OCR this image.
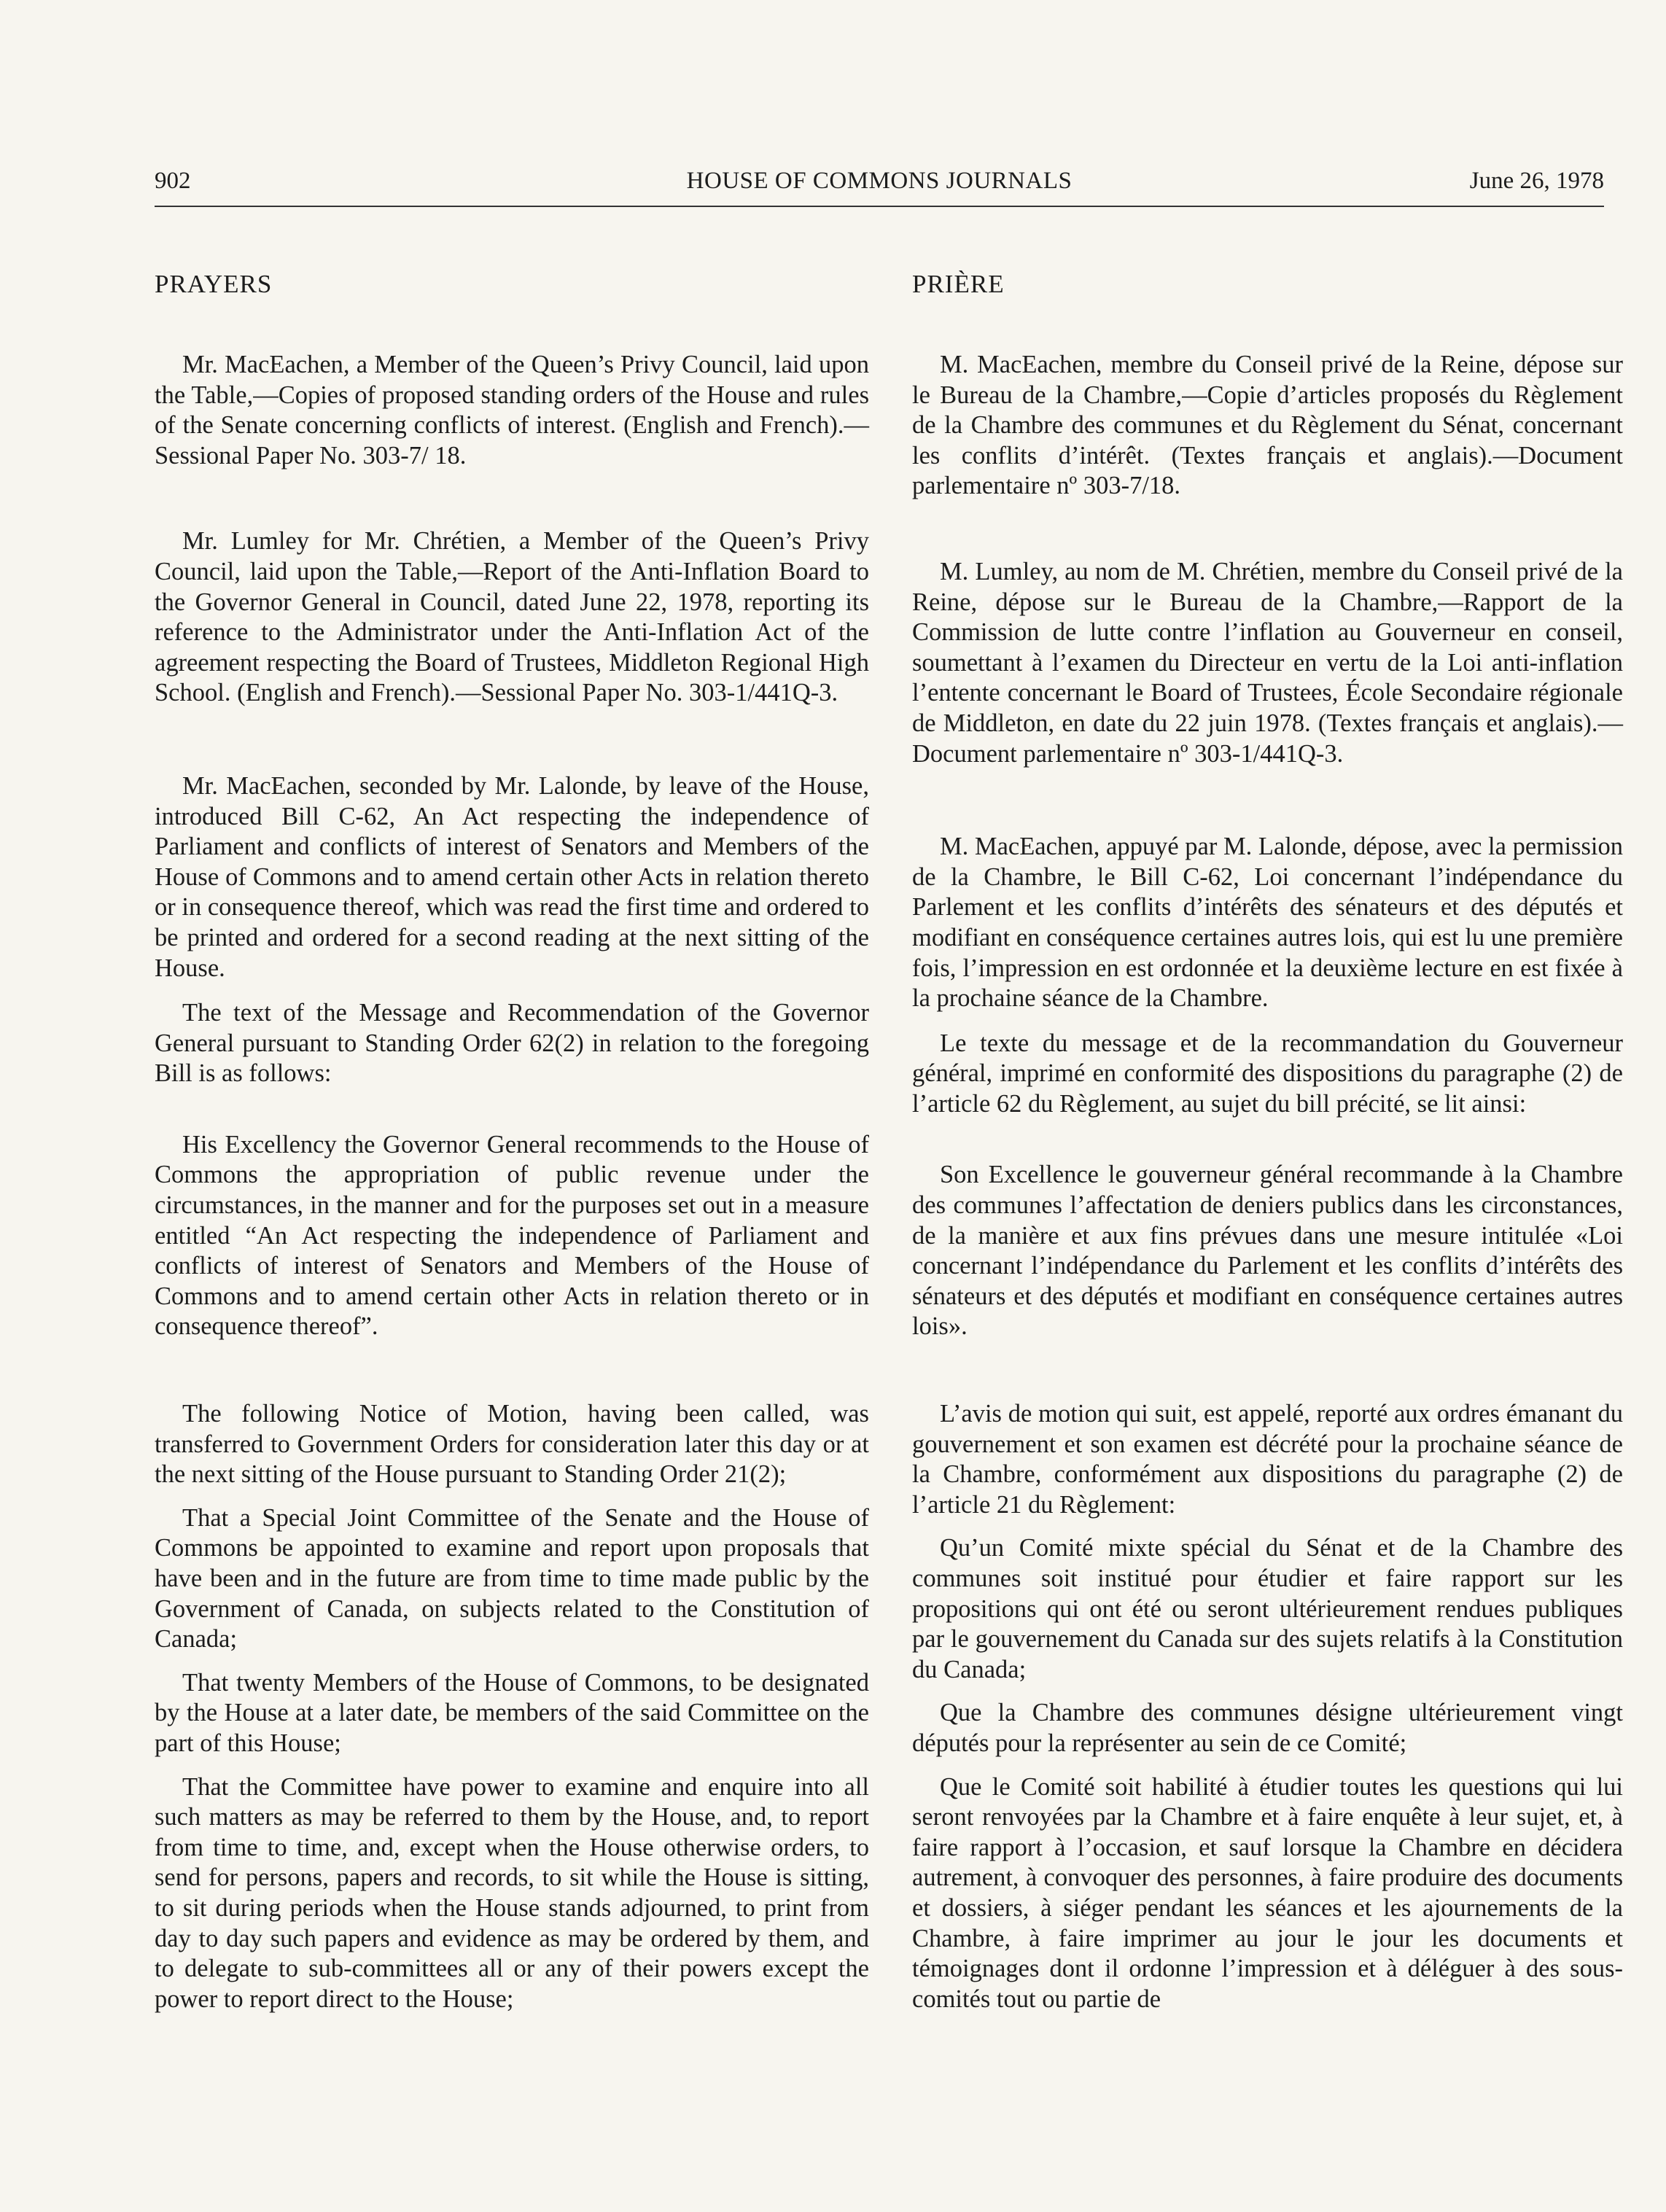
902	HOUSE OF COMMONS JOURNALS	June 26, 1978
PRAYERS

Mr. MacEachen, a Member of the Queen’s Privy Council, laid upon the Table,—Copies of proposed standing orders of the House and rules of the Senate concerning conflicts of interest. (English and French).—Sessional Paper No. 303-7/ 18.

Mr. Lumley for Mr. Chrétien, a Member of the Queen’s Privy Council, laid upon the Table,—Report of the Anti-Inflation Board to the Governor General in Council, dated June 22, 1978, reporting its reference to the Administrator under the Anti-Inflation Act of the agreement respecting the Board of Trustees, Middleton Regional High School. (English and French).—Sessional Paper No. 303-1/441Q-3.

Mr. MacEachen, seconded by Mr. Lalonde, by leave of the House, introduced Bill C-62, An Act respecting the independence of Parliament and conflicts of interest of Senators and Members of the House of Commons and to amend certain other Acts in relation thereto or in consequence thereof, which was read the first time and ordered to be printed and ordered for a second reading at the next sitting of the House.

The text of the Message and Recommendation of the Governor General pursuant to Standing Order 62(2) in relation to the foregoing Bill is as follows:

His Excellency the Governor General recommends to the House of Commons the appropriation of public revenue under the circumstances, in the manner and for the purposes set out in a measure entitled “An Act respecting the independence of Parliament and conflicts of interest of Senators and Members of the House of Commons and to amend certain other Acts in relation thereto or in consequence thereof”.

The following Notice of Motion, having been called, was transferred to Government Orders for consideration later this day or at the next sitting of the House pursuant to Standing Order 21(2);

That a Special Joint Committee of the Senate and the House of Commons be appointed to examine and report upon proposals that have been and in the future are from time to time made public by the Government of Canada, on subjects related to the Constitution of Canada;

That twenty Members of the House of Commons, to be designated by the House at a later date, be members of the said Committee on the part of this House;

That the Committee have power to examine and enquire into all such matters as may be referred to them by the House, and, to report from time to time, and, except when the House otherwise orders, to send for persons, papers and records, to sit while the House is sitting, to sit during periods when the House stands adjourned, to print from day to day such papers and evidence as may be ordered by them, and to delegate to sub-committees all or any of their powers except the power to report direct to the House;

PRIÈRE

M. MacEachen, membre du Conseil privé de la Reine, dépose sur le Bureau de la Chambre,—Copie d’articles proposés du Règlement de la Chambre des communes et du Règlement du Sénat, concernant les conflits d’intérêt. (Textes français et anglais).—Document parlementaire nº 303-7/18.

M. Lumley, au nom de M. Chrétien, membre du Conseil privé de la Reine, dépose sur le Bureau de la Chambre,—Rapport de la Commission de lutte contre l’inflation au Gouverneur en conseil, soumettant à l’examen du Directeur en vertu de la Loi anti-inflation l’entente concernant le Board of Trustees, École Secondaire régionale de Middleton, en date du 22 juin 1978. (Textes français et anglais).—Document parlementaire nº 303-1/441Q-3.

M. MacEachen, appuyé par M. Lalonde, dépose, avec la permission de la Chambre, le Bill C-62, Loi concernant l’indépendance du Parlement et les conflits d’intérêts des sénateurs et des députés et modifiant en conséquence certaines autres lois, qui est lu une première fois, l’impression en est ordonnée et la deuxième lecture en est fixée à la prochaine séance de la Chambre.

Le texte du message et de la recommandation du Gouverneur général, imprimé en conformité des dispositions du paragraphe (2) de l’article 62 du Règlement, au sujet du bill précité, se lit ainsi:

Son Excellence le gouverneur général recommande à la Chambre des communes l’affectation de deniers publics dans les circonstances, de la manière et aux fins prévues dans une mesure intitulée «Loi concernant l’indépendance du Parlement et les conflits d’intérêts des sénateurs et des députés et modifiant en conséquence certaines autres lois».

L’avis de motion qui suit, est appelé, reporté aux ordres émanant du gouvernement et son examen est décrété pour la prochaine séance de la Chambre, conformément aux dispositions du paragraphe (2) de l’article 21 du Règlement:

Qu’un Comité mixte spécial du Sénat et de la Chambre des communes soit institué pour étudier et faire rapport sur les propositions qui ont été ou seront ultérieurement rendues publiques par le gouvernement du Canada sur des sujets relatifs à la Constitution du Canada;

Que la Chambre des communes désigne ultérieurement vingt députés pour la représenter au sein de ce Comité;

Que le Comité soit habilité à étudier toutes les questions qui lui seront renvoyées par la Chambre et à faire enquête à leur sujet, et, à faire rapport à l’occasion, et sauf lorsque la Chambre en décidera autrement, à convoquer des personnes, à faire produire des documents et dossiers, à siéger pendant les séances et les ajournements de la Chambre, à faire imprimer au jour le jour les documents et témoignages dont il ordonne l’impression et à déléguer à des sous-comités tout ou partie de
